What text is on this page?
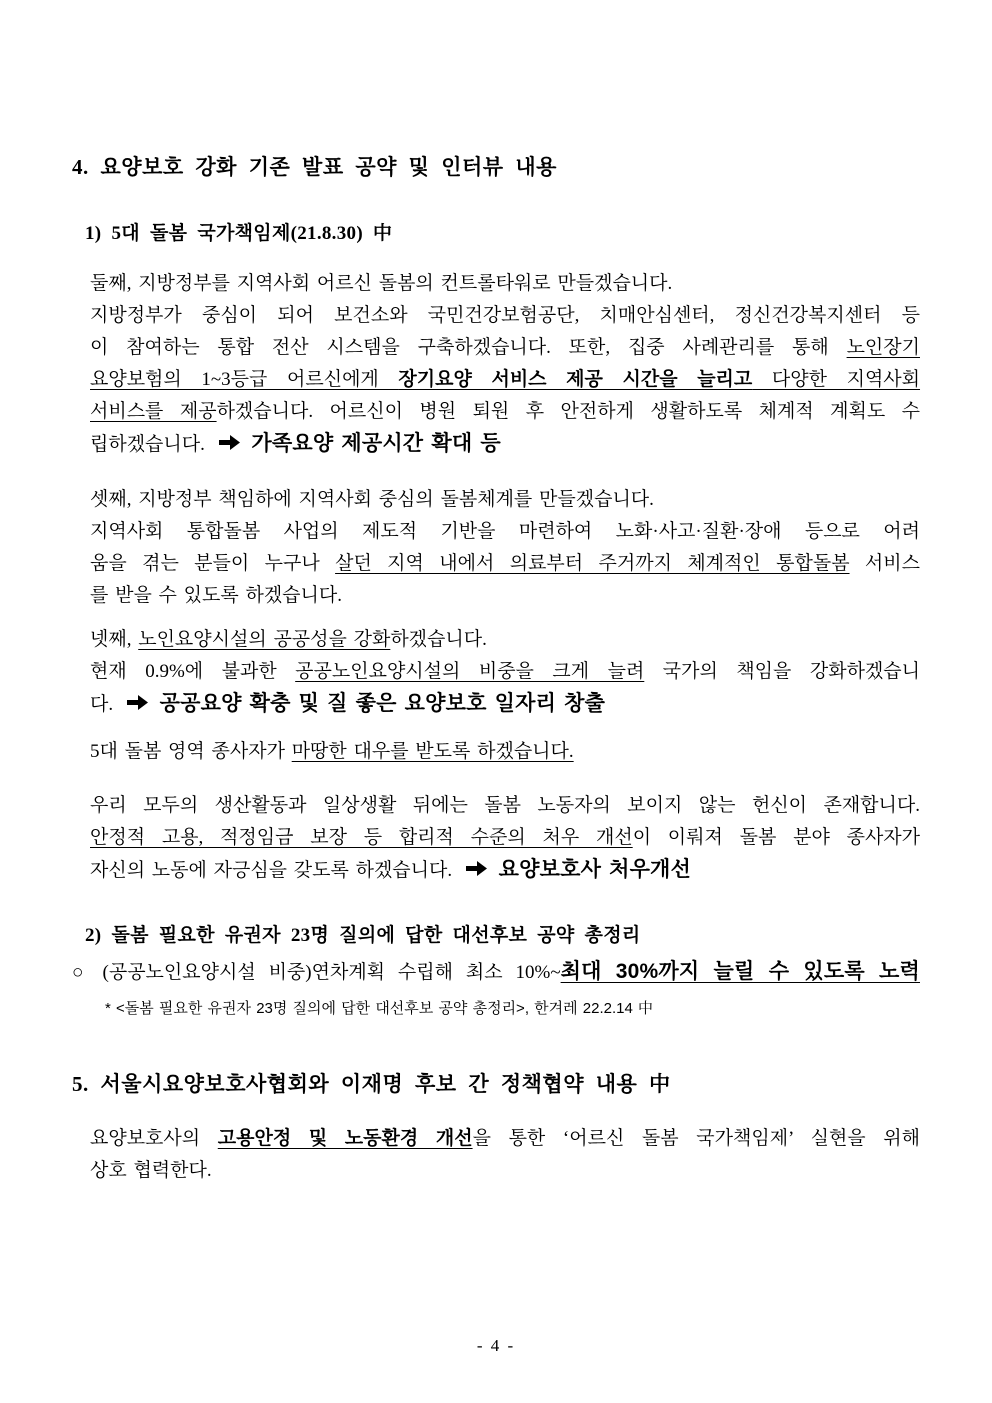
4. 요양보호 강화 기존 발표 공약 및 인터뷰 내용
1) 5대 돌봄 국가책임제(21.8.30) 中
둘째, 지방정부를 지역사회 어르신 돌봄의 컨트롤타워로 만들겠습니다.
지방정부가 중심이 되어 보건소와 국민건강보험공단, 치매안심센터, 정신건강복지센터 등
이 참여하는 통합 전산 시스템을 구축하겠습니다. 또한, 집중 사례관리를 통해 노인장기
요양보험의 1~3등급 어르신에게 장기요양 서비스 제공 시간을 늘리고 다양한 지역사회
서비스를 제공하겠습니다. 어르신이 병원 퇴원 후 안전하게 생활하도록 체계적 계획도 수
립하겠습니다.
가족요양 제공시간 확대 등
셋째, 지방정부 책임하에 지역사회 중심의 돌봄체계를 만들겠습니다.
지역사회 통합돌봄 사업의 제도적 기반을 마련하여 노화·사고·질환·장애 등으로 어려
움을 겪는 분들이 누구나 살던 지역 내에서 의료부터 주거까지 체계적인 통합돌봄 서비스
를 받을 수 있도록 하겠습니다.
넷째, 노인요양시설의 공공성을 강화하겠습니다.
현재 0.9%에 불과한 공공노인요양시설의 비중을 크게 늘려 국가의 책임을 강화하겠습니
다.
공공요양 확충 및 질 좋은 요양보호 일자리 창출
5대 돌봄 영역 종사자가 마땅한 대우를 받도록 하겠습니다.
우리 모두의 생산활동과 일상생활 뒤에는 돌봄 노동자의 보이지 않는 헌신이 존재합니다.
안정적 고용, 적정임금 보장 등 합리적 수준의 처우 개선이 이뤄져 돌봄 분야 종사자가
자신의 노동에 자긍심을 갖도록 하겠습니다.
요양보호사 처우개선
2) 돌봄 필요한 유권자 23명 질의에 답한 대선후보 공약 총정리
○ (공공노인요양시설 비중)연차계획 수립해 최소 10%~최대 30%까지 늘릴 수 있도록 노력
* <돌봄 필요한 유권자 23명 질의에 답한 대선후보 공약 총정리>, 한겨레 22.2.14 中
5. 서울시요양보호사협회와 이재명 후보 간 정책협약 내용 中
요양보호사의 고용안정 및 노동환경 개선을 통한 ‘어르신 돌봄 국가책임제’ 실현을 위해
상호 협력한다.
- 4 -
